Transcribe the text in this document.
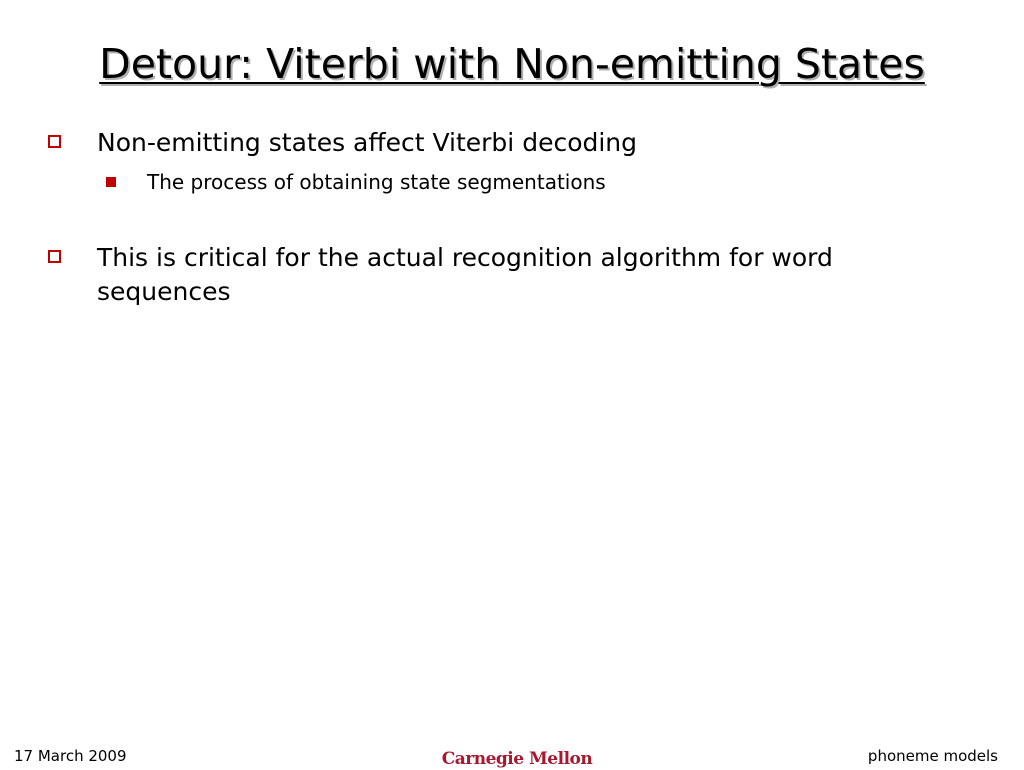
Detour: Viterbi with Non-emitting States
Non-emitting states affect Viterbi decoding
The process of obtaining state segmentations
This is critical for the actual recognition algorithm for word sequences
17 March 2009	Carnegie Mellon	phoneme models
